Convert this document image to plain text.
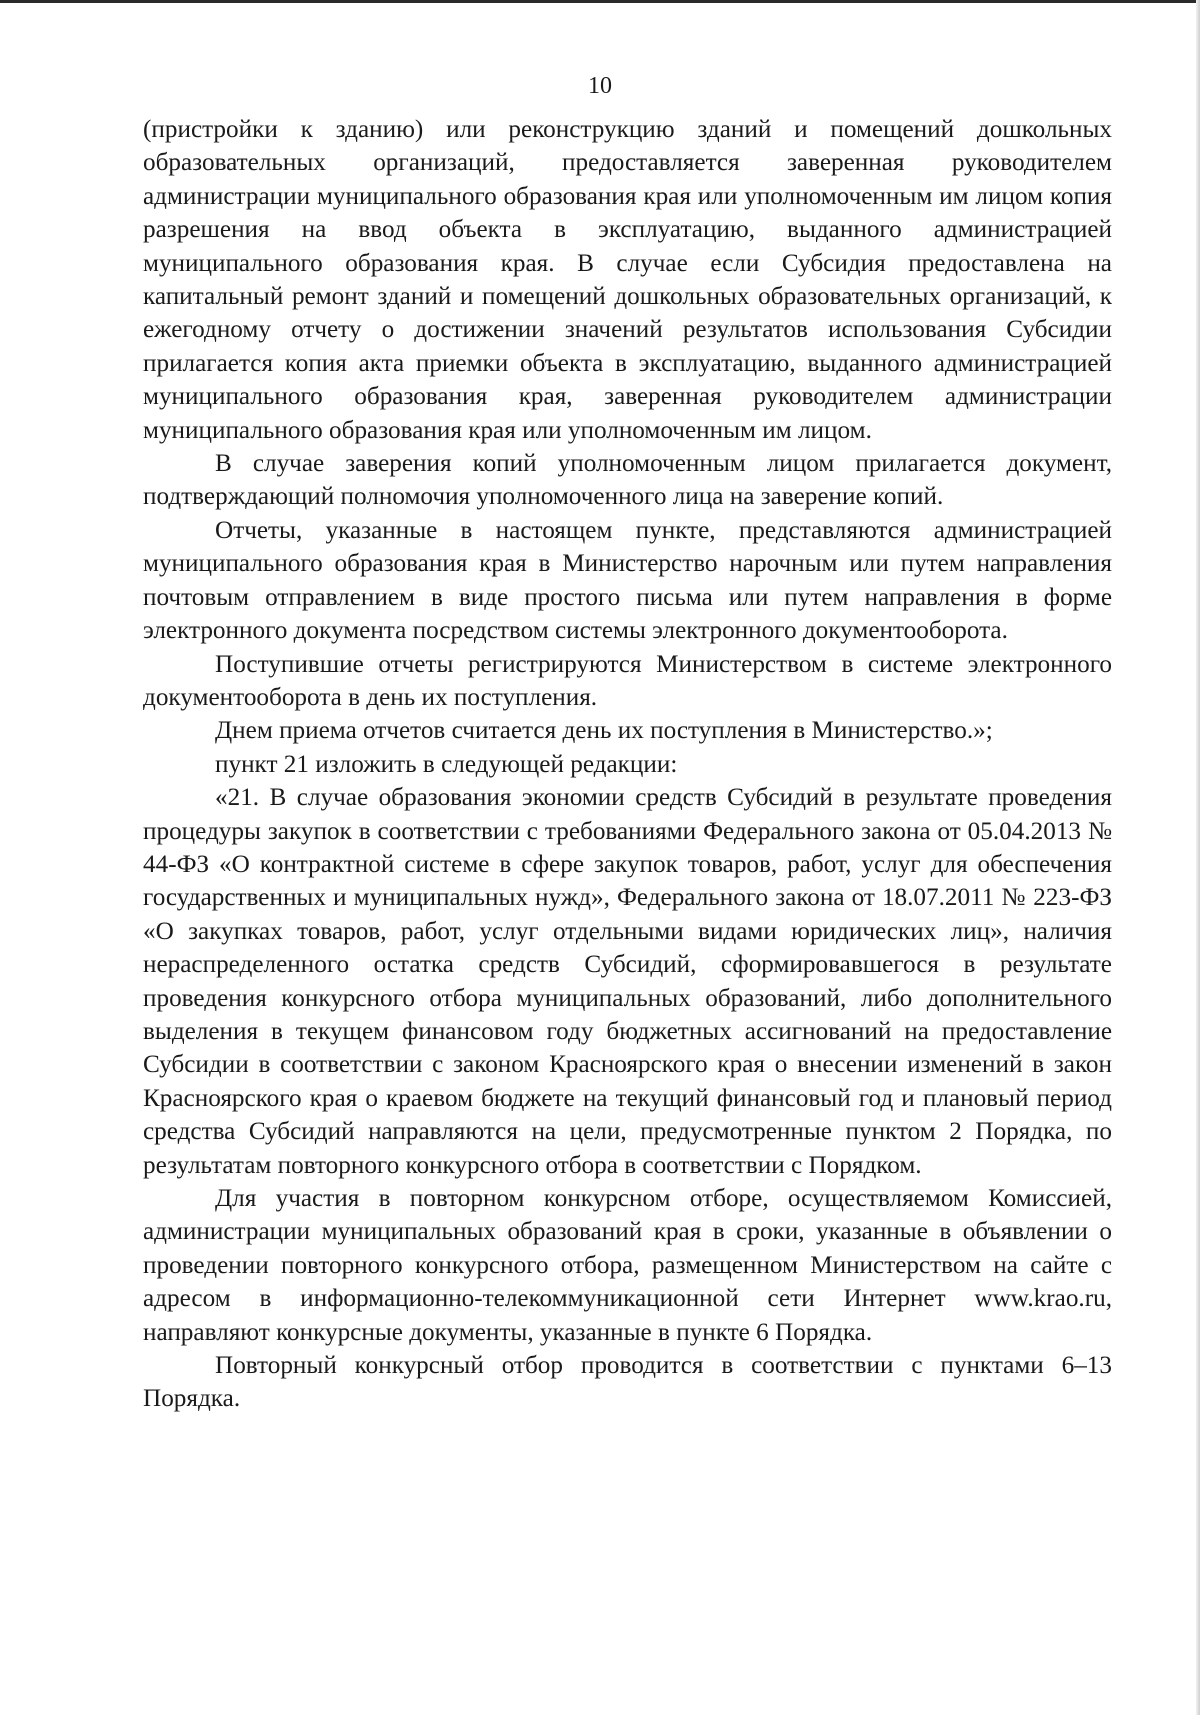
10

(пристройки к зданию) или реконструкцию зданий и помещений дошкольных образовательных организаций, предоставляется заверенная руководителем администрации муниципального образования края или уполномоченным им лицом копия разрешения на ввод объекта в эксплуатацию, выданного администрацией муниципального образования края. В случае если Субсидия предоставлена на капитальный ремонт зданий и помещений дошкольных образовательных организаций, к ежегодному отчету о достижении значений результатов использования Субсидии прилагается копия акта приемки объекта в эксплуатацию, выданного администрацией муниципального образования края, заверенная руководителем администрации муниципального образования края или уполномоченным им лицом.

В случае заверения копий уполномоченным лицом прилагается документ, подтверждающий полномочия уполномоченного лица на заверение копий.

Отчеты, указанные в настоящем пункте, представляются администрацией муниципального образования края в Министерство нарочным или путем направления почтовым отправлением в виде простого письма или путем направления в форме электронного документа посредством системы электронного документооборота.

Поступившие отчеты регистрируются Министерством в системе электронного документооборота в день их поступления.

Днем приема отчетов считается день их поступления в Министерство.»;

пункт 21 изложить в следующей редакции:

«21. В случае образования экономии средств Субсидий в результате проведения процедуры закупок в соответствии с требованиями Федерального закона от 05.04.2013 № 44-ФЗ «О контрактной системе в сфере закупок товаров, работ, услуг для обеспечения государственных и муниципальных нужд», Федерального закона от 18.07.2011 № 223-ФЗ «О закупках товаров, работ, услуг отдельными видами юридических лиц», наличия нераспределенного остатка средств Субсидий, сформировавшегося в результате проведения конкурсного отбора муниципальных образований, либо дополнительного выделения в текущем финансовом году бюджетных ассигнований на предоставление Субсидии в соответствии с законом Красноярского края о внесении изменений в закон Красноярского края о краевом бюджете на текущий финансовый год и плановый период средства Субсидий направляются на цели, предусмотренные пунктом 2 Порядка, по результатам повторного конкурсного отбора в соответствии с Порядком.

Для участия в повторном конкурсном отборе, осуществляемом Комиссией, администрации муниципальных образований края в сроки, указанные в объявлении о проведении повторного конкурсного отбора, размещенном Министерством на сайте с адресом в информационно-телекоммуникационной сети Интернет www.krao.ru, направляют конкурсные документы, указанные в пункте 6 Порядка.

Повторный конкурсный отбор проводится в соответствии с пунктами 6–13 Порядка.
